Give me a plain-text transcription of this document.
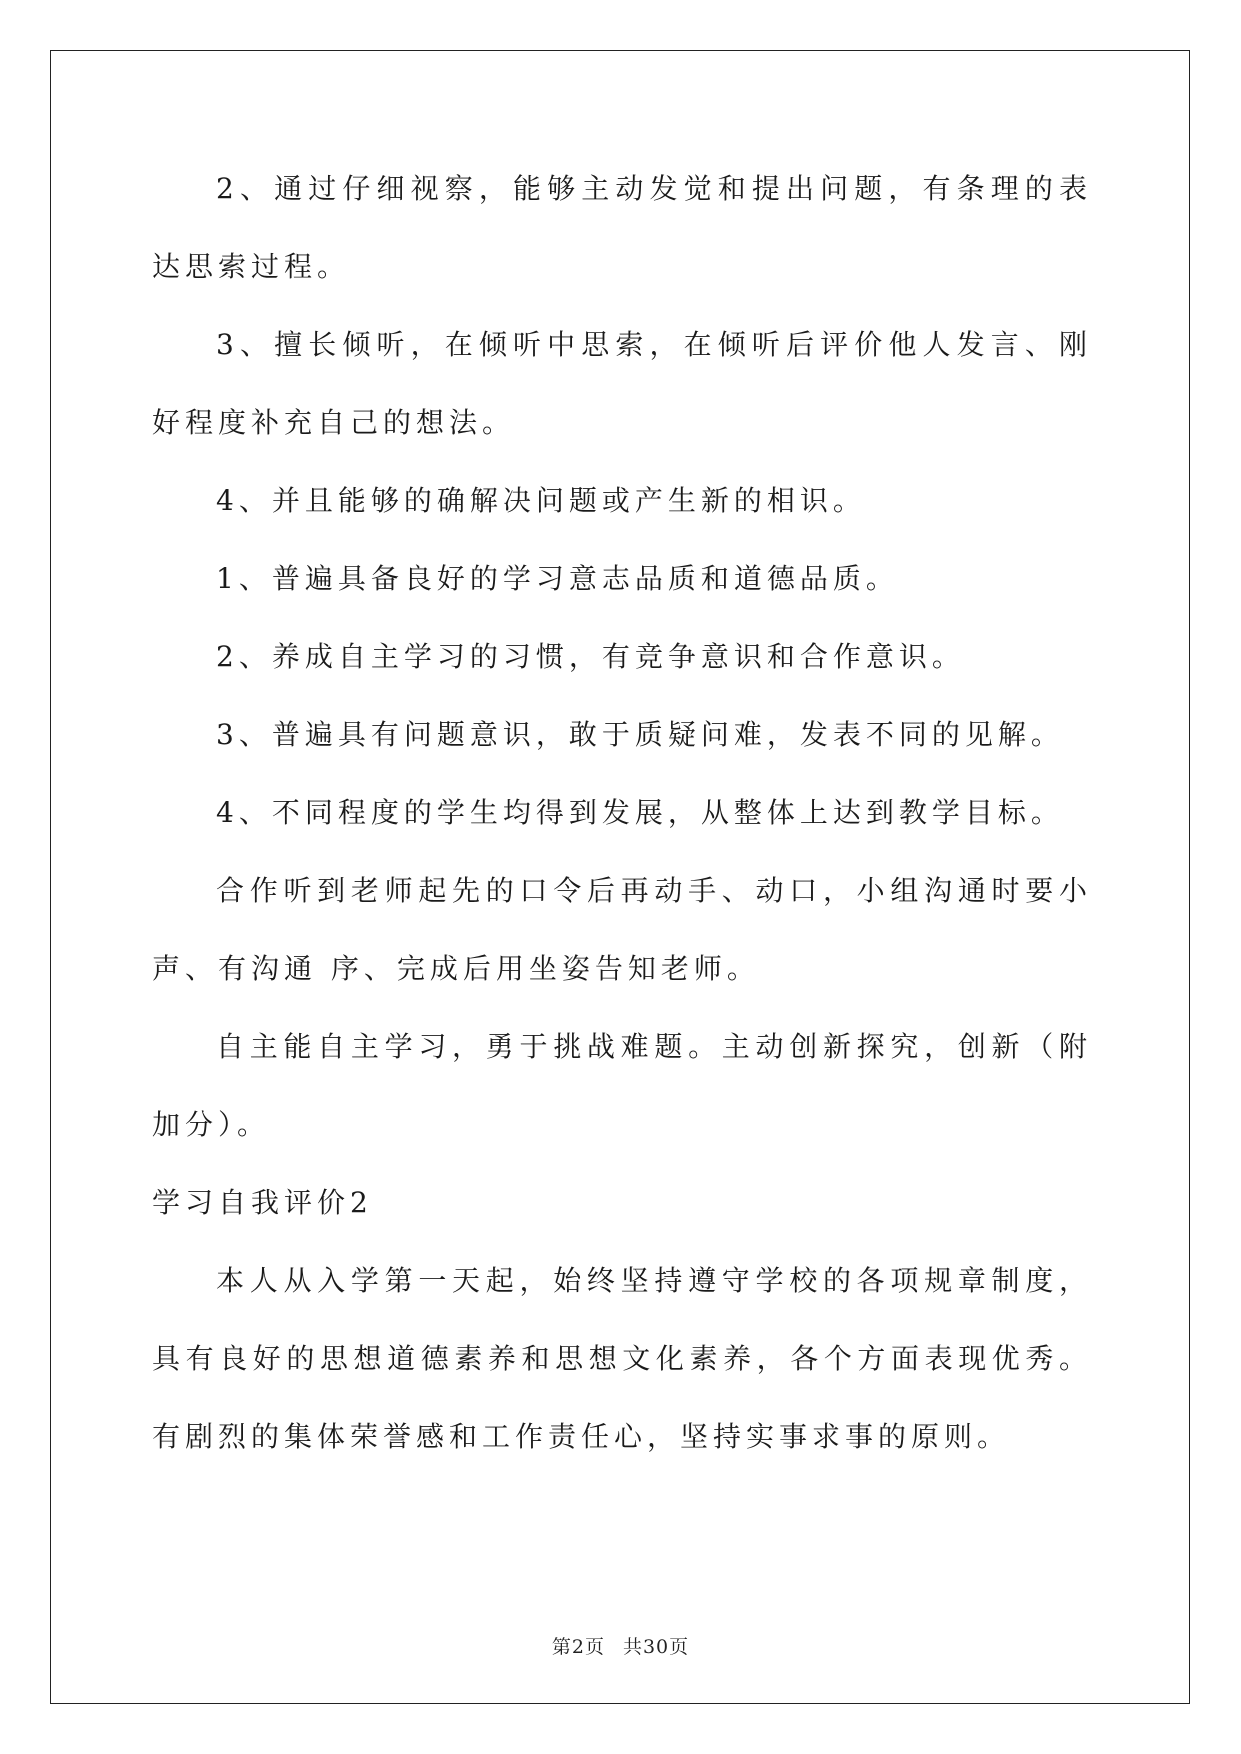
2、通过仔细视察，能够主动发觉和提出问题，有条理的表达思索过程。

3、擅长倾听，在倾听中思索，在倾听后评价他人发言、刚好程度补充自己的想法。

4、并且能够的确解决问题或产生新的相识。

1、普遍具备良好的学习意志品质和道德品质。

2、养成自主学习的习惯，有竞争意识和合作意识。

3、普遍具有问题意识，敢于质疑问难，发表不同的见解。

4、不同程度的学生均得到发展，从整体上达到教学目标。

合作听到老师起先的口令后再动手、动口，小组沟通时要小声、有沟通 序、完成后用坐姿告知老师。

自主能自主学习，勇于挑战难题。主动创新探究，创新（附加分）。

学习自我评价2

本人从入学第一天起，始终坚持遵守学校的各项规章制度，具有良好的思想道德素养和思想文化素养，各个方面表现优秀。有剧烈的集体荣誉感和工作责任心，坚持实事求事的原则。

第2页 共30页
